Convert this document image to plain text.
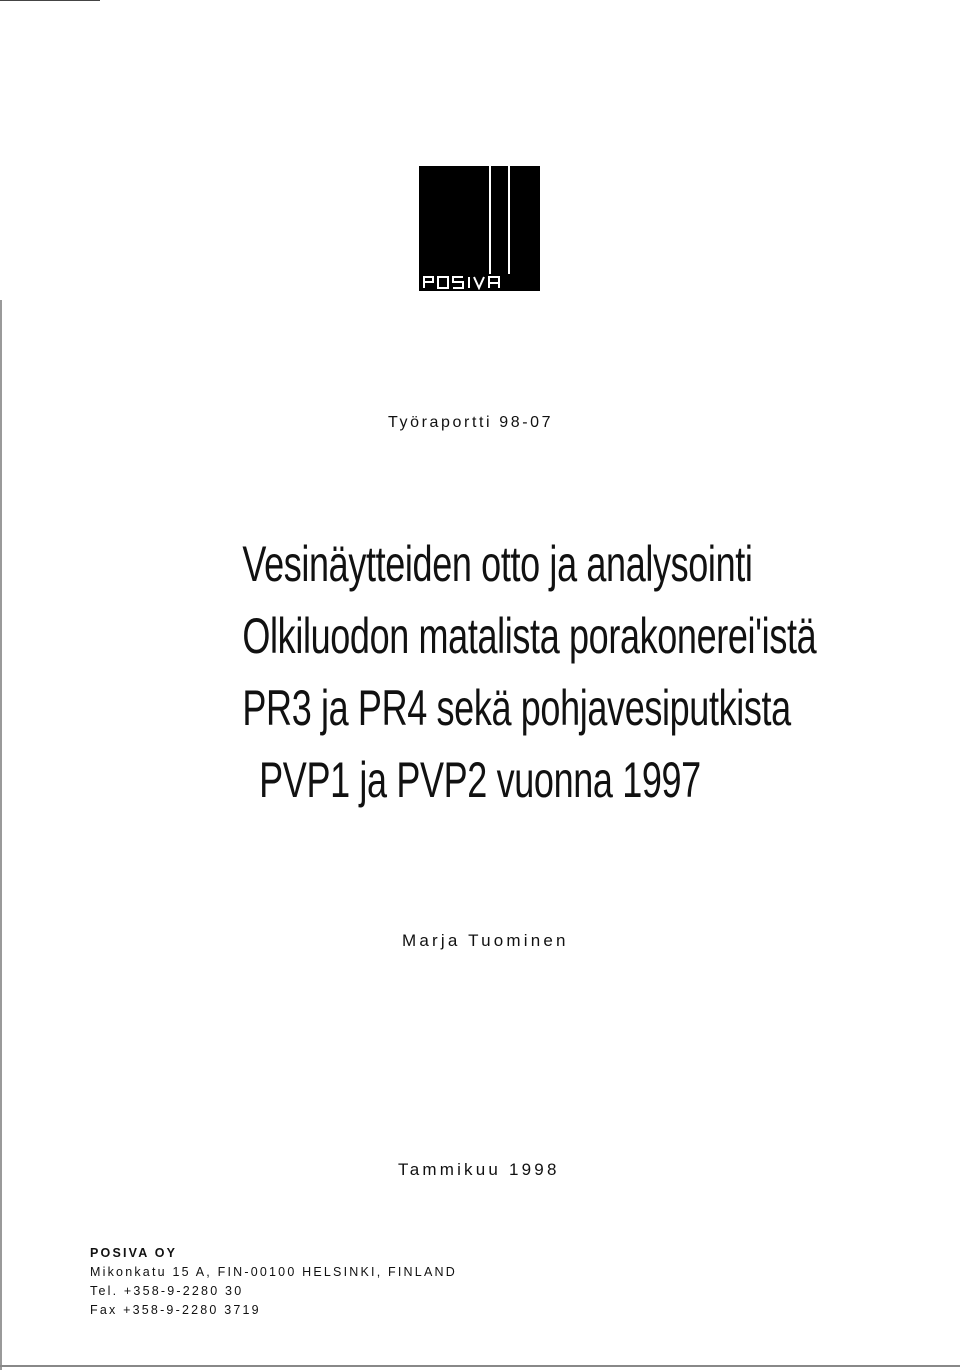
Työraportti 98-07
Vesinäytteiden otto ja analysointi
Olkiluodon matalista porakonerei'istä
PR3 ja PR4 sekä pohjavesiputkista
PVP1 ja PVP2 vuonna 1997
Marja Tuominen
Tammikuu 1998
POSIVA OY
Mikonkatu 15 A, FIN-00100 HELSINKI, FINLAND
Tel. +358-9-2280 30
Fax +358-9-2280 3719
